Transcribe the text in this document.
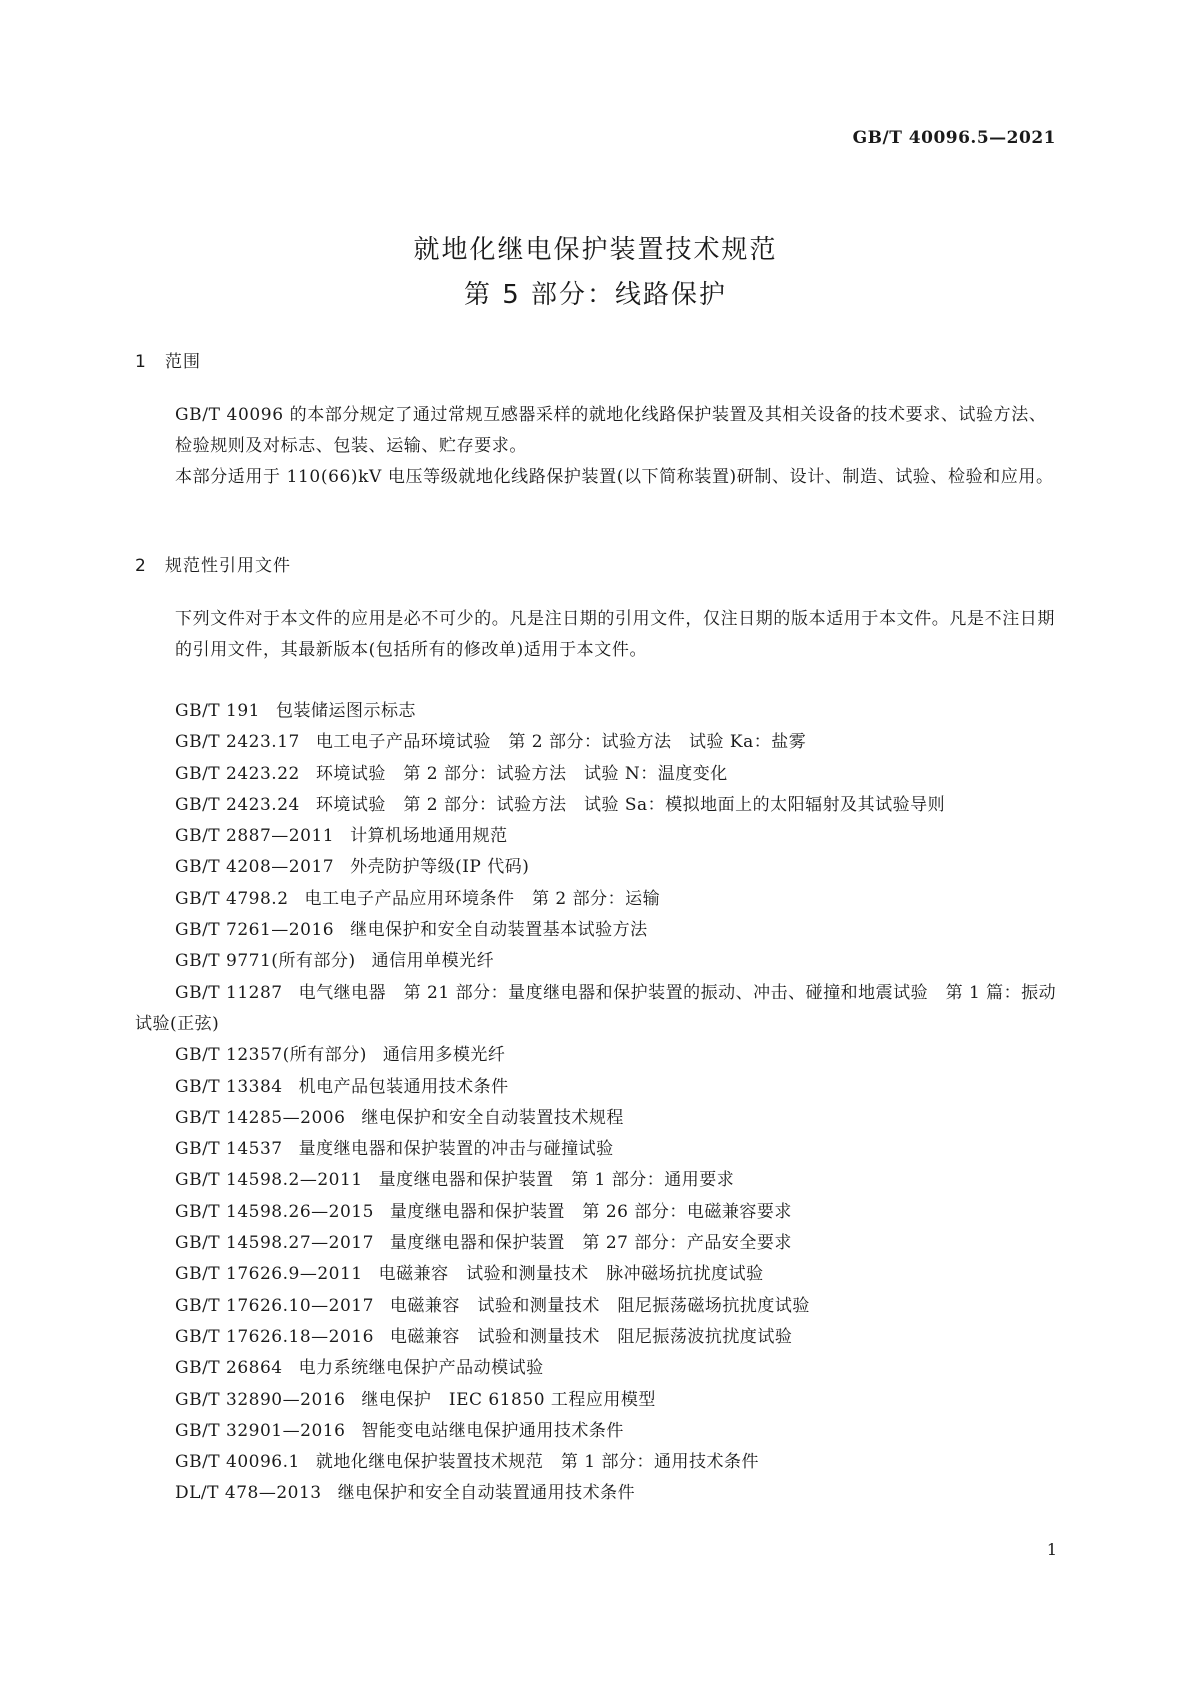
GB/T 40096.5—2021
就地化继电保护装置技术规范
第 5 部分：线路保护
1 范围
GB/T 40096 的本部分规定了通过常规互感器采样的就地化线路保护装置及其相关设备的技术要求、试验方法、检验规则及对标志、包装、运输、贮存要求。
本部分适用于 110(66)kV 电压等级就地化线路保护装置(以下简称装置)研制、设计、制造、试验、检验和应用。
2 规范性引用文件
下列文件对于本文件的应用是必不可少的。凡是注日期的引用文件，仅注日期的版本适用于本文件。凡是不注日期的引用文件，其最新版本(包括所有的修改单)适用于本文件。
GB/T 191 包装储运图示标志
GB/T 2423.17 电工电子产品环境试验　第 2 部分：试验方法　试验 Ka：盐雾
GB/T 2423.22 环境试验　第 2 部分：试验方法　试验 N：温度变化
GB/T 2423.24 环境试验　第 2 部分：试验方法　试验 Sa：模拟地面上的太阳辐射及其试验导则
GB/T 2887—2011 计算机场地通用规范
GB/T 4208—2017 外壳防护等级(IP 代码)
GB/T 4798.2 电工电子产品应用环境条件　第 2 部分：运输
GB/T 7261—2016 继电保护和安全自动装置基本试验方法
GB/T 9771(所有部分) 通信用单模光纤
GB/T 11287 电气继电器　第 21 部分：量度继电器和保护装置的振动、冲击、碰撞和地震试验　第 1 篇：振动试验(正弦)
GB/T 12357(所有部分) 通信用多模光纤
GB/T 13384 机电产品包装通用技术条件
GB/T 14285—2006 继电保护和安全自动装置技术规程
GB/T 14537 量度继电器和保护装置的冲击与碰撞试验
GB/T 14598.2—2011 量度继电器和保护装置　第 1 部分：通用要求
GB/T 14598.26—2015 量度继电器和保护装置　第 26 部分：电磁兼容要求
GB/T 14598.27—2017 量度继电器和保护装置　第 27 部分：产品安全要求
GB/T 17626.9—2011 电磁兼容　试验和测量技术　脉冲磁场抗扰度试验
GB/T 17626.10—2017 电磁兼容　试验和测量技术　阻尼振荡磁场抗扰度试验
GB/T 17626.18—2016 电磁兼容　试验和测量技术　阻尼振荡波抗扰度试验
GB/T 26864 电力系统继电保护产品动模试验
GB/T 32890—2016 继电保护　IEC 61850 工程应用模型
GB/T 32901—2016 智能变电站继电保护通用技术条件
GB/T 40096.1 就地化继电保护装置技术规范　第 1 部分：通用技术条件
DL/T 478—2013 继电保护和安全自动装置通用技术条件
1
